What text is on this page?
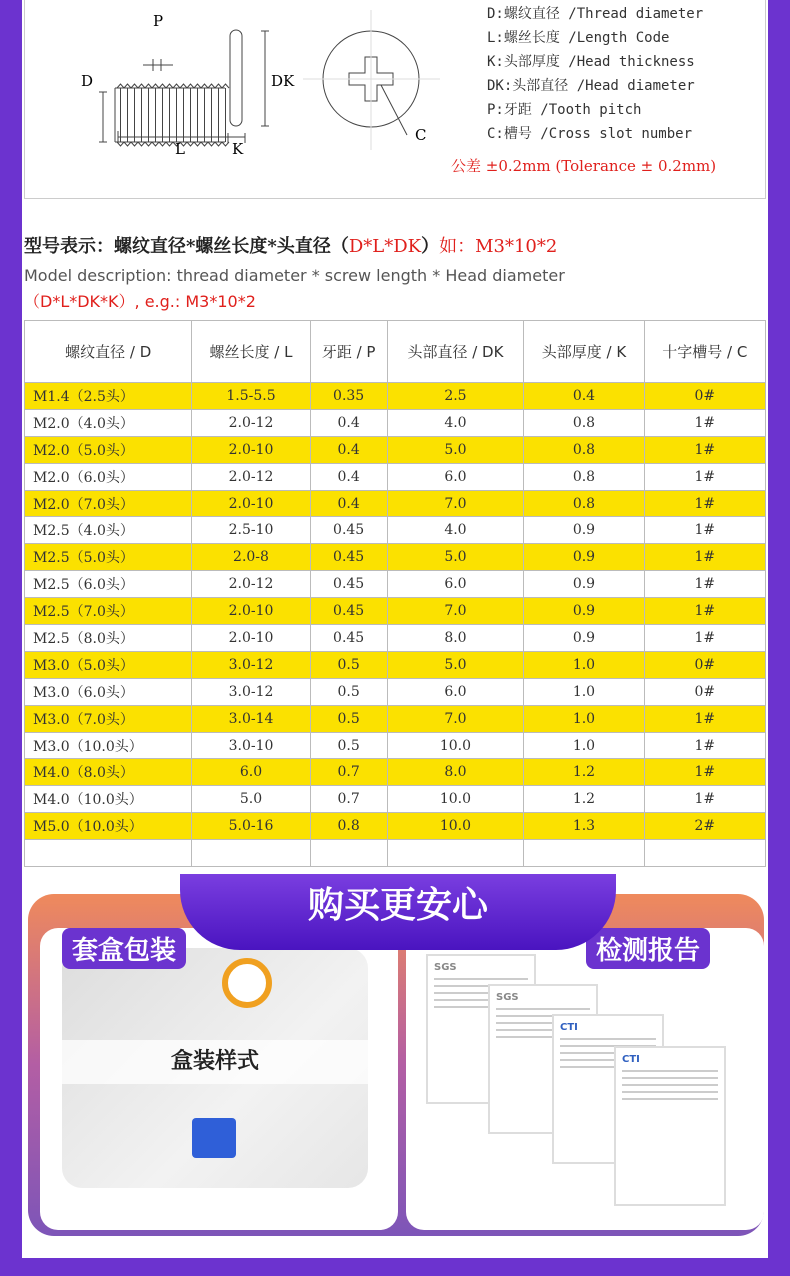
P
D	DK
L	K
C
D:螺纹直径 /Thread diameter
L:螺丝长度 /Length Code
K:头部厚度 /Head thickness
DK:头部直径 /Head diameter
P:牙距 /Tooth pitch
C:槽号 /Cross slot number
公差 ±0.2mm (Tolerance ± 0.2mm)
型号表示：螺纹直径*螺丝长度*头直径（D*L*DK）如：M3*10*2
Model description: thread diameter * screw length * Head diameter
（D*L*DK*K）, e.g.: M3*10*2
螺纹直径 / D	螺丝长度 / L	牙距 / P	头部直径 / DK	头部厚度 / K	十字槽号 / C
M1.4（2.5头）	1.5-5.5	0.35	2.5	0.4	0#
M2.0（4.0头）	2.0-12	0.4	4.0	0.8	1#
M2.0（5.0头）	2.0-10	0.4	5.0	0.8	1#
M2.0（6.0头）	2.0-12	0.4	6.0	0.8	1#
M2.0（7.0头）	2.0-10	0.4	7.0	0.8	1#
M2.5（4.0头）	2.5-10	0.45	4.0	0.9	1#
M2.5（5.0头）	2.0-8	0.45	5.0	0.9	1#
M2.5（6.0头）	2.0-12	0.45	6.0	0.9	1#
M2.5（7.0头）	2.0-10	0.45	7.0	0.9	1#
M2.5（8.0头）	2.0-10	0.45	8.0	0.9	1#
M3.0（5.0头）	3.0-12	0.5	5.0	1.0	0#
M3.0（6.0头）	3.0-12	0.5	6.0	1.0	0#
M3.0（7.0头）	3.0-14	0.5	7.0	1.0	1#
M3.0（10.0头）	3.0-10	0.5	10.0	1.0	1#
M4.0（8.0头）	6.0	0.7	8.0	1.2	1#
M4.0（10.0头）	5.0	0.7	10.0	1.2	1#
M5.0（10.0头）	5.0-16	0.8	10.0	1.3	2#

盒装样式
SGS
SGS
CTI
CTI
套盒包装	检测报告
购买更安心
